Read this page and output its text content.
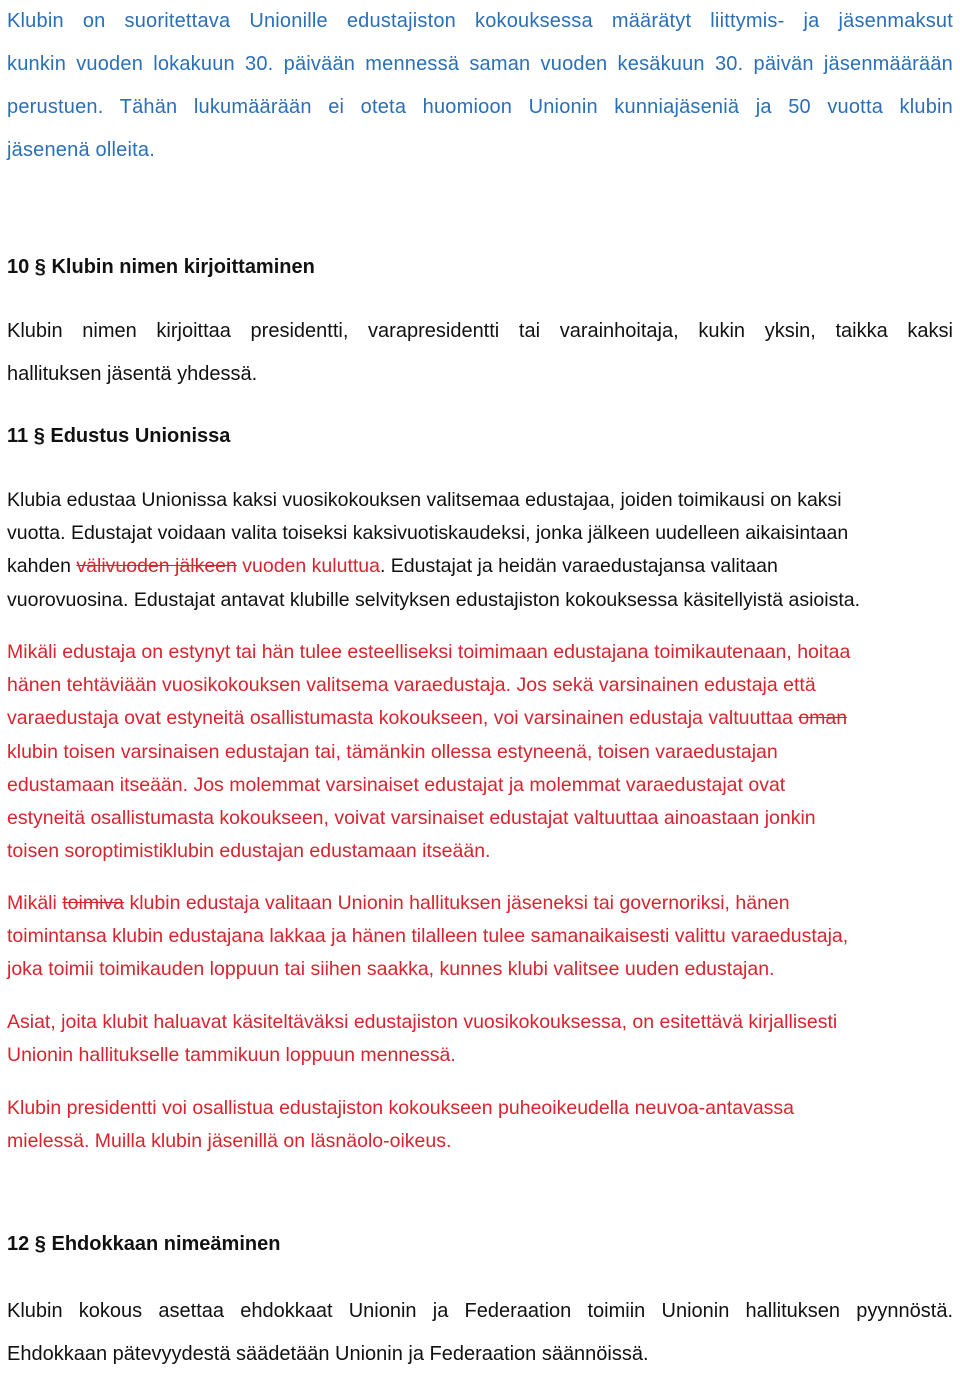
Klubin on suoritettava Unionille edustajiston kokouksessa määrätyt liittymis- ja jäsenmaksut
kunkin vuoden lokakuun 30. päivään mennessä saman vuoden kesäkuun 30. päivän jäsenmäärään
perustuen. Tähän lukumäärään ei oteta huomioon Unionin kunniajäseniä ja 50 vuotta klubin
jäsenenä olleita.
10 § Klubin nimen kirjoittaminen
Klubin nimen kirjoittaa presidentti, varapresidentti tai varainhoitaja, kukin yksin, taikka kaksi
hallituksen jäsentä yhdessä.
11 § Edustus Unionissa
Klubia edustaa Unionissa kaksi vuosikokouksen valitsemaa edustajaa, joiden toimikausi on kaksi
vuotta. Edustajat voidaan valita toiseksi kaksivuotiskaudeksi, jonka jälkeen uudelleen aikaisintaan
kahden välivuoden jälkeen vuoden kuluttua. Edustajat ja heidän varaedustajansa valitaan
vuorovuosina. Edustajat antavat klubille selvityksen edustajiston kokouksessa käsitellyistä asioista.
Mikäli edustaja on estynyt tai hän tulee esteelliseksi toimimaan edustajana toimikautenaan, hoitaa
hänen tehtäviään vuosikokouksen valitsema varaedustaja. Jos sekä varsinainen edustaja että
varaedustaja ovat estyneitä osallistumasta kokoukseen, voi varsinainen edustaja valtuuttaa oman
klubin toisen varsinaisen edustajan tai, tämänkin ollessa estyneenä, toisen varaedustajan
edustamaan itseään. Jos molemmat varsinaiset edustajat ja molemmat varaedustajat ovat
estyneitä osallistumasta kokoukseen, voivat varsinaiset edustajat valtuuttaa ainoastaan jonkin
toisen soroptimistiklubin edustajan edustamaan itseään.
Mikäli toimiva klubin edustaja valitaan Unionin hallituksen jäseneksi tai governoriksi, hänen
toimintansa klubin edustajana lakkaa ja hänen tilalleen tulee samanaikaisesti valittu varaedustaja,
joka toimii toimikauden loppuun tai siihen saakka, kunnes klubi valitsee uuden edustajan.
Asiat, joita klubit haluavat käsiteltäväksi edustajiston vuosikokouksessa, on esitettävä kirjallisesti
Unionin hallitukselle tammikuun loppuun mennessä.
Klubin presidentti voi osallistua edustajiston kokoukseen puheoikeudella neuvoa-antavassa
mielessä. Muilla klubin jäsenillä on läsnäolo-oikeus.
12 § Ehdokkaan nimeäminen
Klubin kokous asettaa ehdokkaat Unionin ja Federaation toimiin Unionin hallituksen pyynnöstä.
Ehdokkaan pätevyydestä säädetään Unionin ja Federaation säännöissä.
